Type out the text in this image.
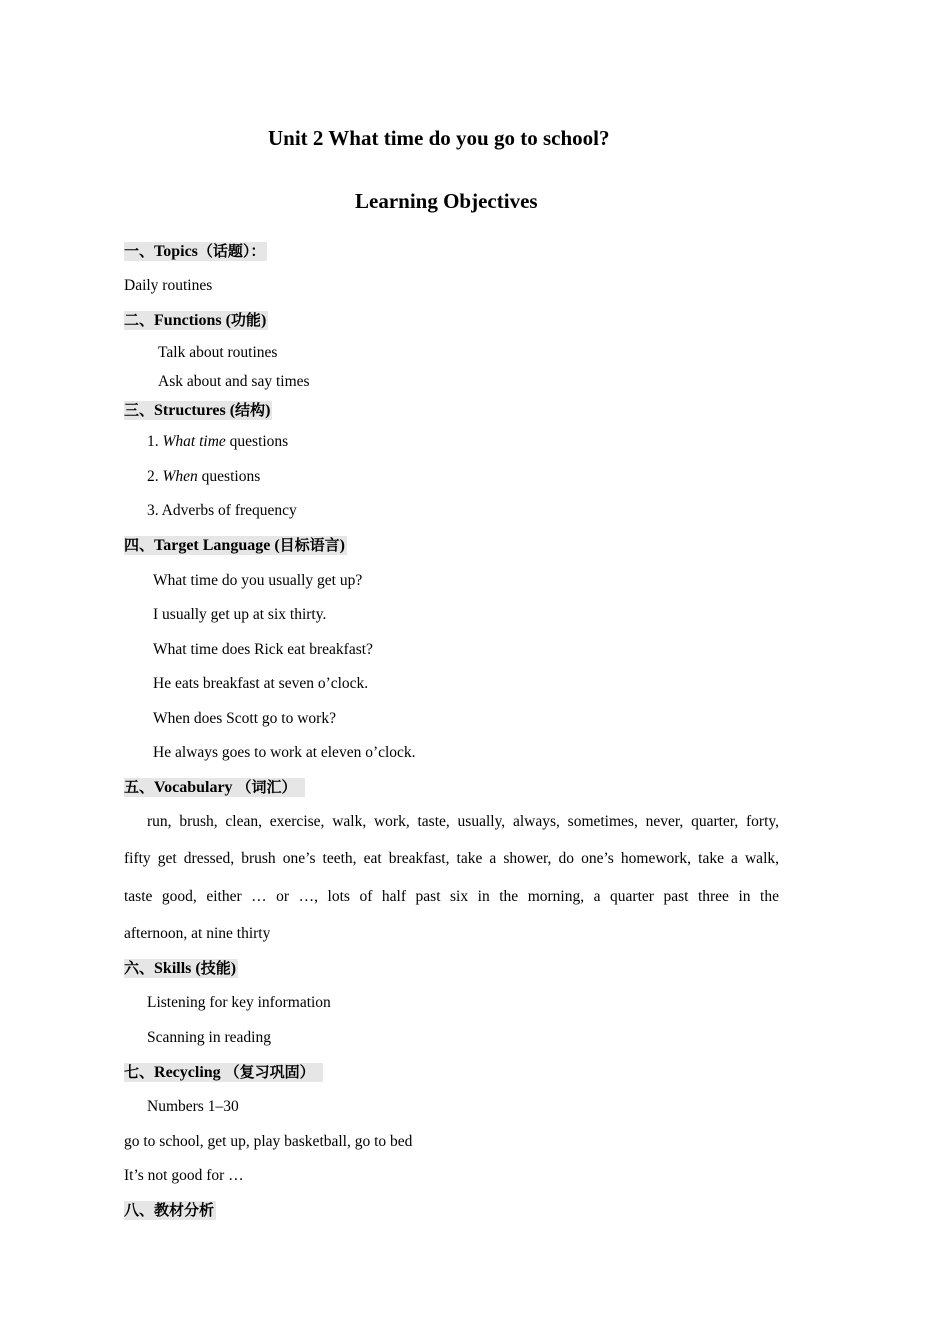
Unit 2 What time do you go to school?
Learning Objectives
一、Topics（话题）：
Daily routines
二、Functions (功能)
Talk about routines
Ask about and say times
三、Structures (结构)
1. What time questions
2. When questions
3. Adverbs of frequency
四、Target Language (目标语言)
What time do you usually get up?
I usually get up at six thirty.
What time does Rick eat breakfast?
He eats breakfast at seven o’clock.
When does Scott go to work?
He always goes to work at eleven o’clock.
五、Vocabulary （词汇）
run, brush, clean, exercise, walk, work, taste, usually, always, sometimes, never, quarter, forty,
fifty get dressed, brush one’s teeth, eat breakfast, take a shower, do one’s homework, take a walk,
taste good, either … or …, lots of half past six in the morning, a quarter past three in the
afternoon, at nine thirty
六、Skills (技能)
Listening for key information
Scanning in reading
七、Recycling （复习巩固）
Numbers 1–30
go to school, get up, play basketball, go to bed
It’s not good for …
八、教材分析
